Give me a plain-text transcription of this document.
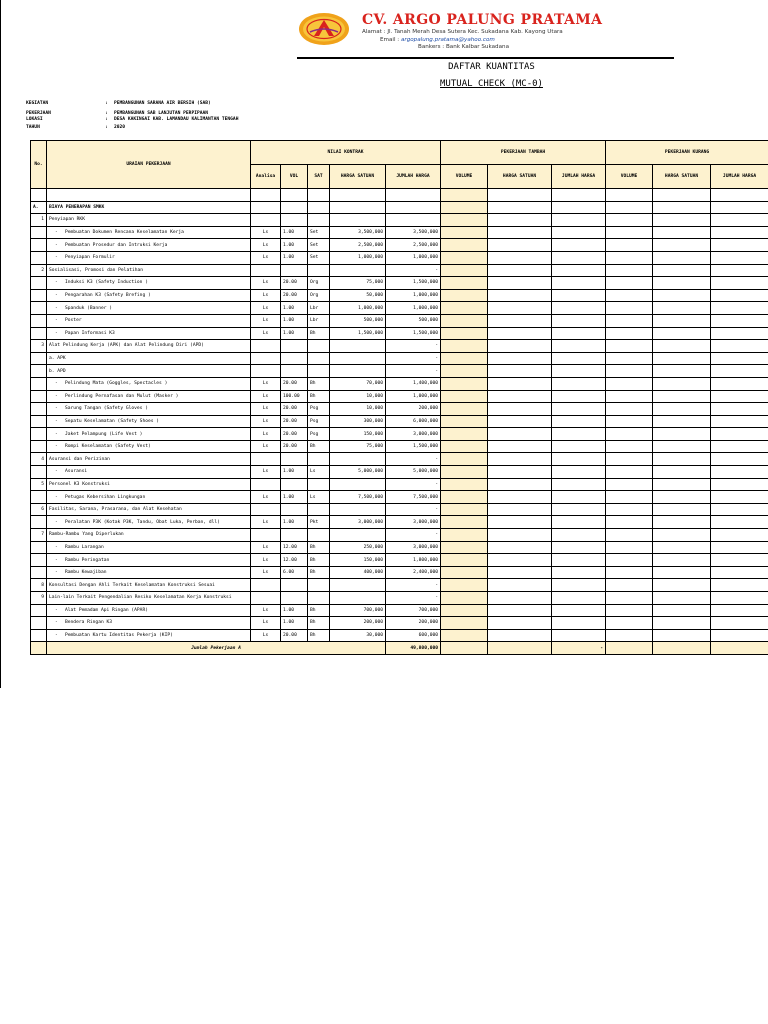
CV. ARGO PALUNG PRATAMA
Alamat : Jl. Tanah Merah Desa Sutera Kec. Sukadana Kab. Kayong Utara
Email : argopalung.pratama@yahoo.com
Bankers : Bank Kalbar Sukadana
DAFTAR KUANTITAS
MUTUAL CHECK (MC-0)
KEGIATAN	: PEMBANGUNAN SARANA AIR BERSIH (SAB)
PEKERJAAN	: PEMBANGUNAN SAB LANJUTAN PERPIPAAN
LOKASI	: DESA KAKINGAI KAB. LAMANDAU KALIMANTAN TENGAH
TAHUN	: 2020
No.	URAIAN PEKERJAAN	NILAI KONTRAK					PEKERJAAN TAMBAH			PEKERJAAN KURANG		
		Analisa	VOL	SAT	HARGA SATUAN	JUMLAH HARGA	VOLUME	HARGA SATUAN	JUMLAH HARGA	VOLUME	HARGA SATUAN	JUMLAH HARGA

A.	BIAYA PENERAPAN SMKK											
1	Penyiapan RKK											
	- Pembuatan Dokumen Rencana Keselamatan Kerja	Ls	1.00	Set	3,500,000	3,500,000						
	- Pembuatan Prosedur dan Intruksi Kerja	Ls	1.00	Set	2,500,000	2,500,000						
	- Penyiapan Formulir	Ls	1.00	Set	1,000,000	1,000,000						
2	Sosialisasi, Promosi dan Pelatihan					-						
	- Induksi K3 (Safety Induction )	Ls	20.00	Org	75,000	1,500,000						
	- Pengarahan K3 (Safety Brefing )	Ls	20.00	Org	50,000	1,000,000						
	- Spanduk (Banner )	Ls	1.00	Lbr	1,000,000	1,000,000						
	- Poster	Ls	1.00	Lbr	500,000	500,000						
	- Papan Informasi K3	Ls	1.00	Bh	1,500,000	1,500,000						
3	Alat Pelindung Kerja (APK) dan Alat Pelindung Diri (APD)					-						
	a. APK					-						
	b. APD					-						
	- Pelindung Mata (Goggles, Spectacles )	Ls	20.00	Bh	70,000	1,400,000						
	- Perlindung Pernafasan dan Mulut (Masker )	Ls	100.00	Bh	10,000	1,000,000						
	- Sarung Tangan (Safety Gloves )	Ls	20.00	Psg	10,000	200,000						
	- Sepatu Keselamatan (Safety Shoes )	Ls	20.00	Psg	300,000	6,000,000						
	- Jaket Pelampung (Life Vest )	Ls	20.00	Psg	150,000	3,000,000						
	- Rompi Keselamatan (Safety Vest)	Ls	20.00	Bh	75,000	1,500,000						
4	Asuransi dan Perizinan					-						
	- Asuransi	Ls	1.00	Ls	5,000,000	5,000,000						
5	Personel K3 Konstruksi					-						
	- Petugas Kebersihan Lingkungan	Ls	1.00	Ls	7,500,000	7,500,000						
6	Fasilitas, Sarana, Prasarana, dan Alat Kesehatan					-						
	- Peralatan P3K (Kotak P3K, Tandu, Obat Luka, Perban, dll)	Ls	1.00	Pkt	3,000,000	3,000,000						
7	Rambu-Rambu Yang Diperlukan					-						
	- Rambu Larangan	Ls	12.00	Bh	250,000	3,000,000						
	- Rambu Peringatan	Ls	12.00	Bh	150,000	1,800,000						
	- Rambu Kewajiban	Ls	6.00	Bh	400,000	2,400,000						
8	Konsultasi Dengan Ahli Terkait Keselamatan Konstruksi Sesuai					-						
9	Lain-lain Terkait Pengendalian Resiko Keselamatan Kerja Konstruksi					-						
	- Alat Pemadam Api Ringan (APAR)	Ls	1.00	Bh	700,000	700,000						
	- Bendera Ringan K3	Ls	1.00	Bh	200,000	200,000						
	- Pembuatan Kartu Identitas Pekerja (KIP)	Ls	20.00	Bh	30,000	600,000						
	Jumlah Pekerjaan A					49,800,000			-			
